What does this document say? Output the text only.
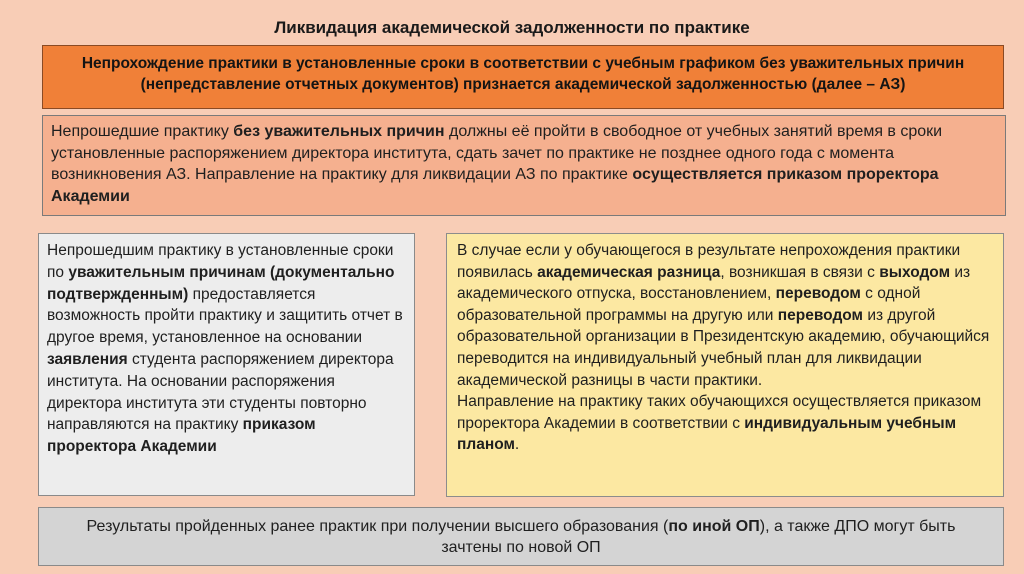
Ликвидация академической задолженности по практике
Непрохождение практики в установленные сроки в соответствии с учебным графиком без уважительных причин (непредставление отчетных документов) признается академической задолженностью (далее – АЗ)
Непрошедшие практику без уважительных причин должны её пройти в свободное от учебных занятий время в сроки установленные распоряжением директора института, сдать зачет по практике не позднее одного года с момента возникновения АЗ. Направление на практику для ликвидации АЗ по практике осуществляется приказом проректора Академии
Непрошедшим практику в установленные сроки по уважительным причинам (документально подтвержденным) предоставляется возможность пройти практику и защитить отчет в другое время, установленное на основании заявления студента распоряжением директора института. На основании распоряжения директора института эти студенты повторно направляются на практику приказом проректора Академии
В случае если у обучающегося в результате непрохождения практики появилась академическая разница, возникшая в связи с выходом из академического отпуска, восстановлением, переводом с одной образовательной программы на другую или переводом из другой образовательной организации в Президентскую академию, обучающийся переводится на индивидуальный учебный план для ликвидации академической разницы в части практики.
Направление на практику таких обучающихся осуществляется приказом проректора Академии в соответствии с индивидуальным учебным планом.
Результаты пройденных ранее практик при получении высшего образования (по иной ОП), а также ДПО могут быть зачтены по новой ОП
